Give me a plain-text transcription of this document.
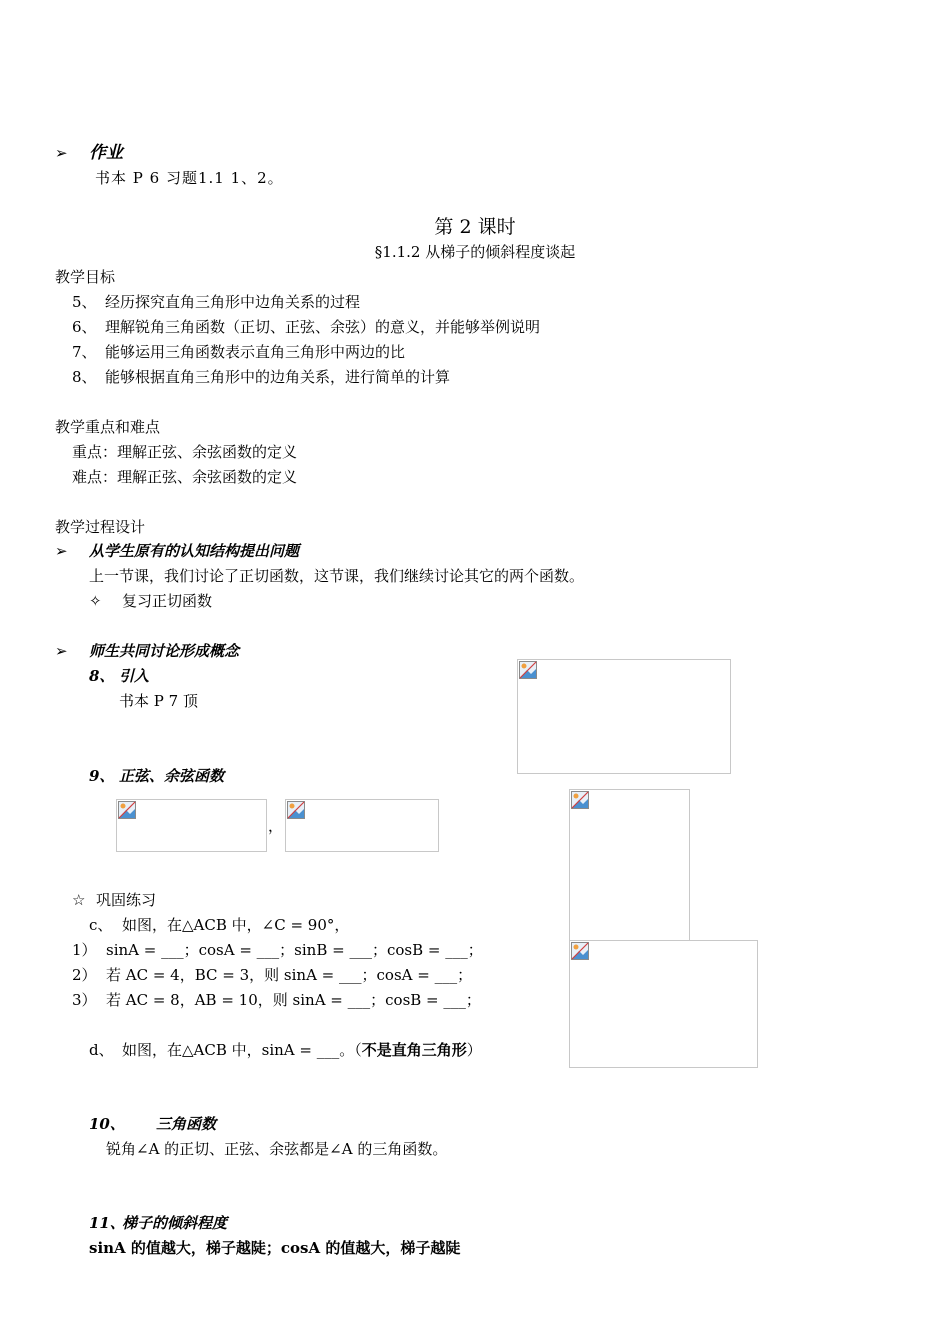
➢ 作业
书本 P 6 习题1.1 1、2。
第 2 课时
§1.1.2 从梯子的倾斜程度谈起
教学目标
5、 经历探究直角三角形中边角关系的过程
6、 理解锐角三角函数（正切、正弦、余弦）的意义，并能够举例说明
7、 能够运用三角函数表示直角三角形中两边的比
8、 能够根据直角三角形中的边角关系，进行简单的计算
教学重点和难点
重点：理解正弦、余弦函数的定义
难点：理解正弦、余弦函数的定义
教学过程设计
➢ 从学生原有的认知结构提出问题
上一节课，我们讨论了正切函数，这节课，我们继续讨论其它的两个函数。
✧ 复习正切函数
➢ 师生共同讨论形成概念
8、 引入
书本 P 7 顶
9、 正弦、余弦函数
，
☆ 巩固练习
c、 如图，在△ACB 中，∠C = 90°，
1） sinA = ___；cosA = ___；sinB = ___；cosB = ___；
2） 若 AC = 4，BC = 3，则 sinA = ___；cosA = ___；
3） 若 AC = 8，AB = 10，则 sinA = ___；cosB = ___；
d、 如图，在△ACB 中，sinA = ___。（不是直角三角形）
10、 三角函数
锐角∠A 的正切、正弦、余弦都是∠A 的三角函数。
11、
梯子的倾斜程度
sinA 的值越大，梯子越陡；cosA 的值越大，梯子越陡
